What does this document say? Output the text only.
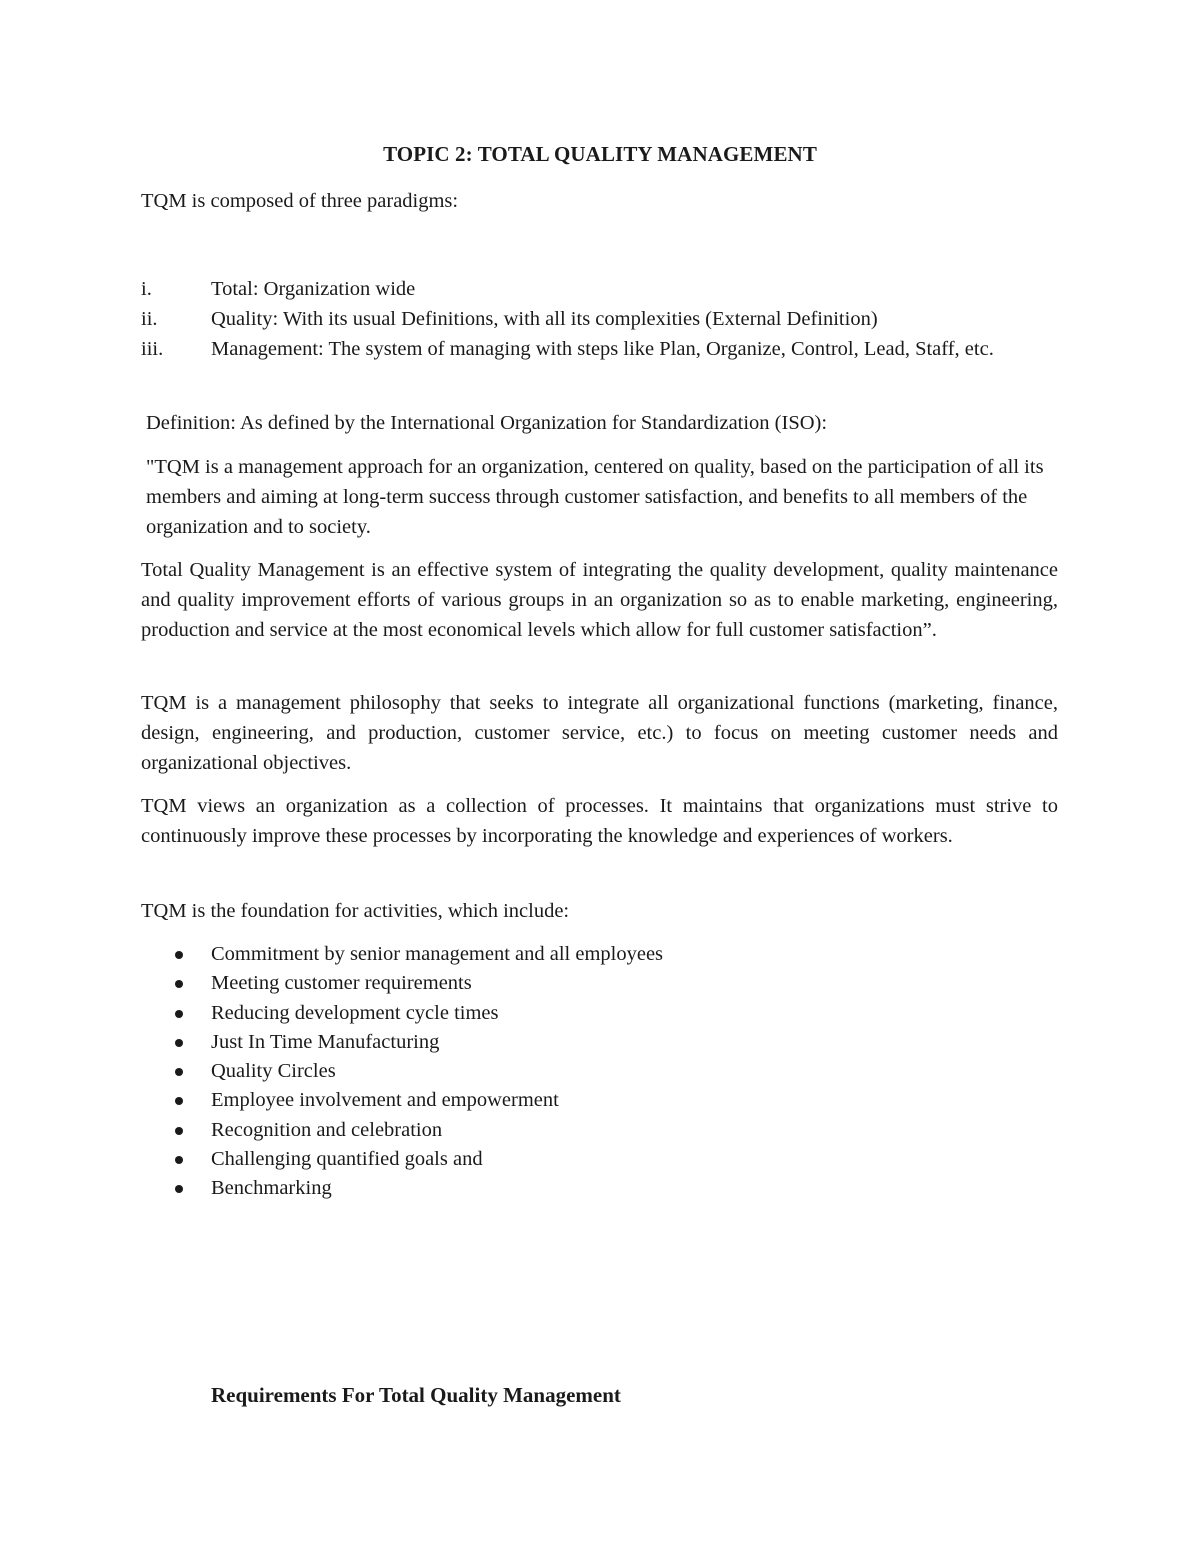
TOPIC 2: TOTAL QUALITY MANAGEMENT

TQM is composed of three paradigms:

i.	Total: Organization wide
ii.	Quality: With its usual Definitions, with all its complexities (External Definition)
iii.	Management: The system of managing with steps like Plan, Organize, Control, Lead, Staff, etc.

Definition: As defined by the International Organization for Standardization (ISO):

"TQM is a management approach for an organization, centered on quality, based on the participation of all its members and aiming at long-term success through customer satisfaction, and benefits to all members of the organization and to society.

Total Quality Management is an effective system of integrating the quality development, quality maintenance and quality improvement efforts of various groups in an organization so as to enable marketing, engineering, production and service at the most economical levels which allow for full customer satisfaction”.

TQM is a management philosophy that seeks to integrate all organizational functions (marketing, finance, design, engineering, and production, customer service, etc.) to focus on meeting customer needs and organizational objectives.

TQM views an organization as a collection of processes. It maintains that organizations must strive to continuously improve these processes by incorporating the knowledge and experiences of workers.

TQM is the foundation for activities, which include:

Commitment by senior management and all employees
Meeting customer requirements
Reducing development cycle times
Just In Time Manufacturing
Quality Circles
Employee involvement and empowerment
Recognition and celebration
Challenging quantified goals and
Benchmarking
Requirements For Total Quality Management
